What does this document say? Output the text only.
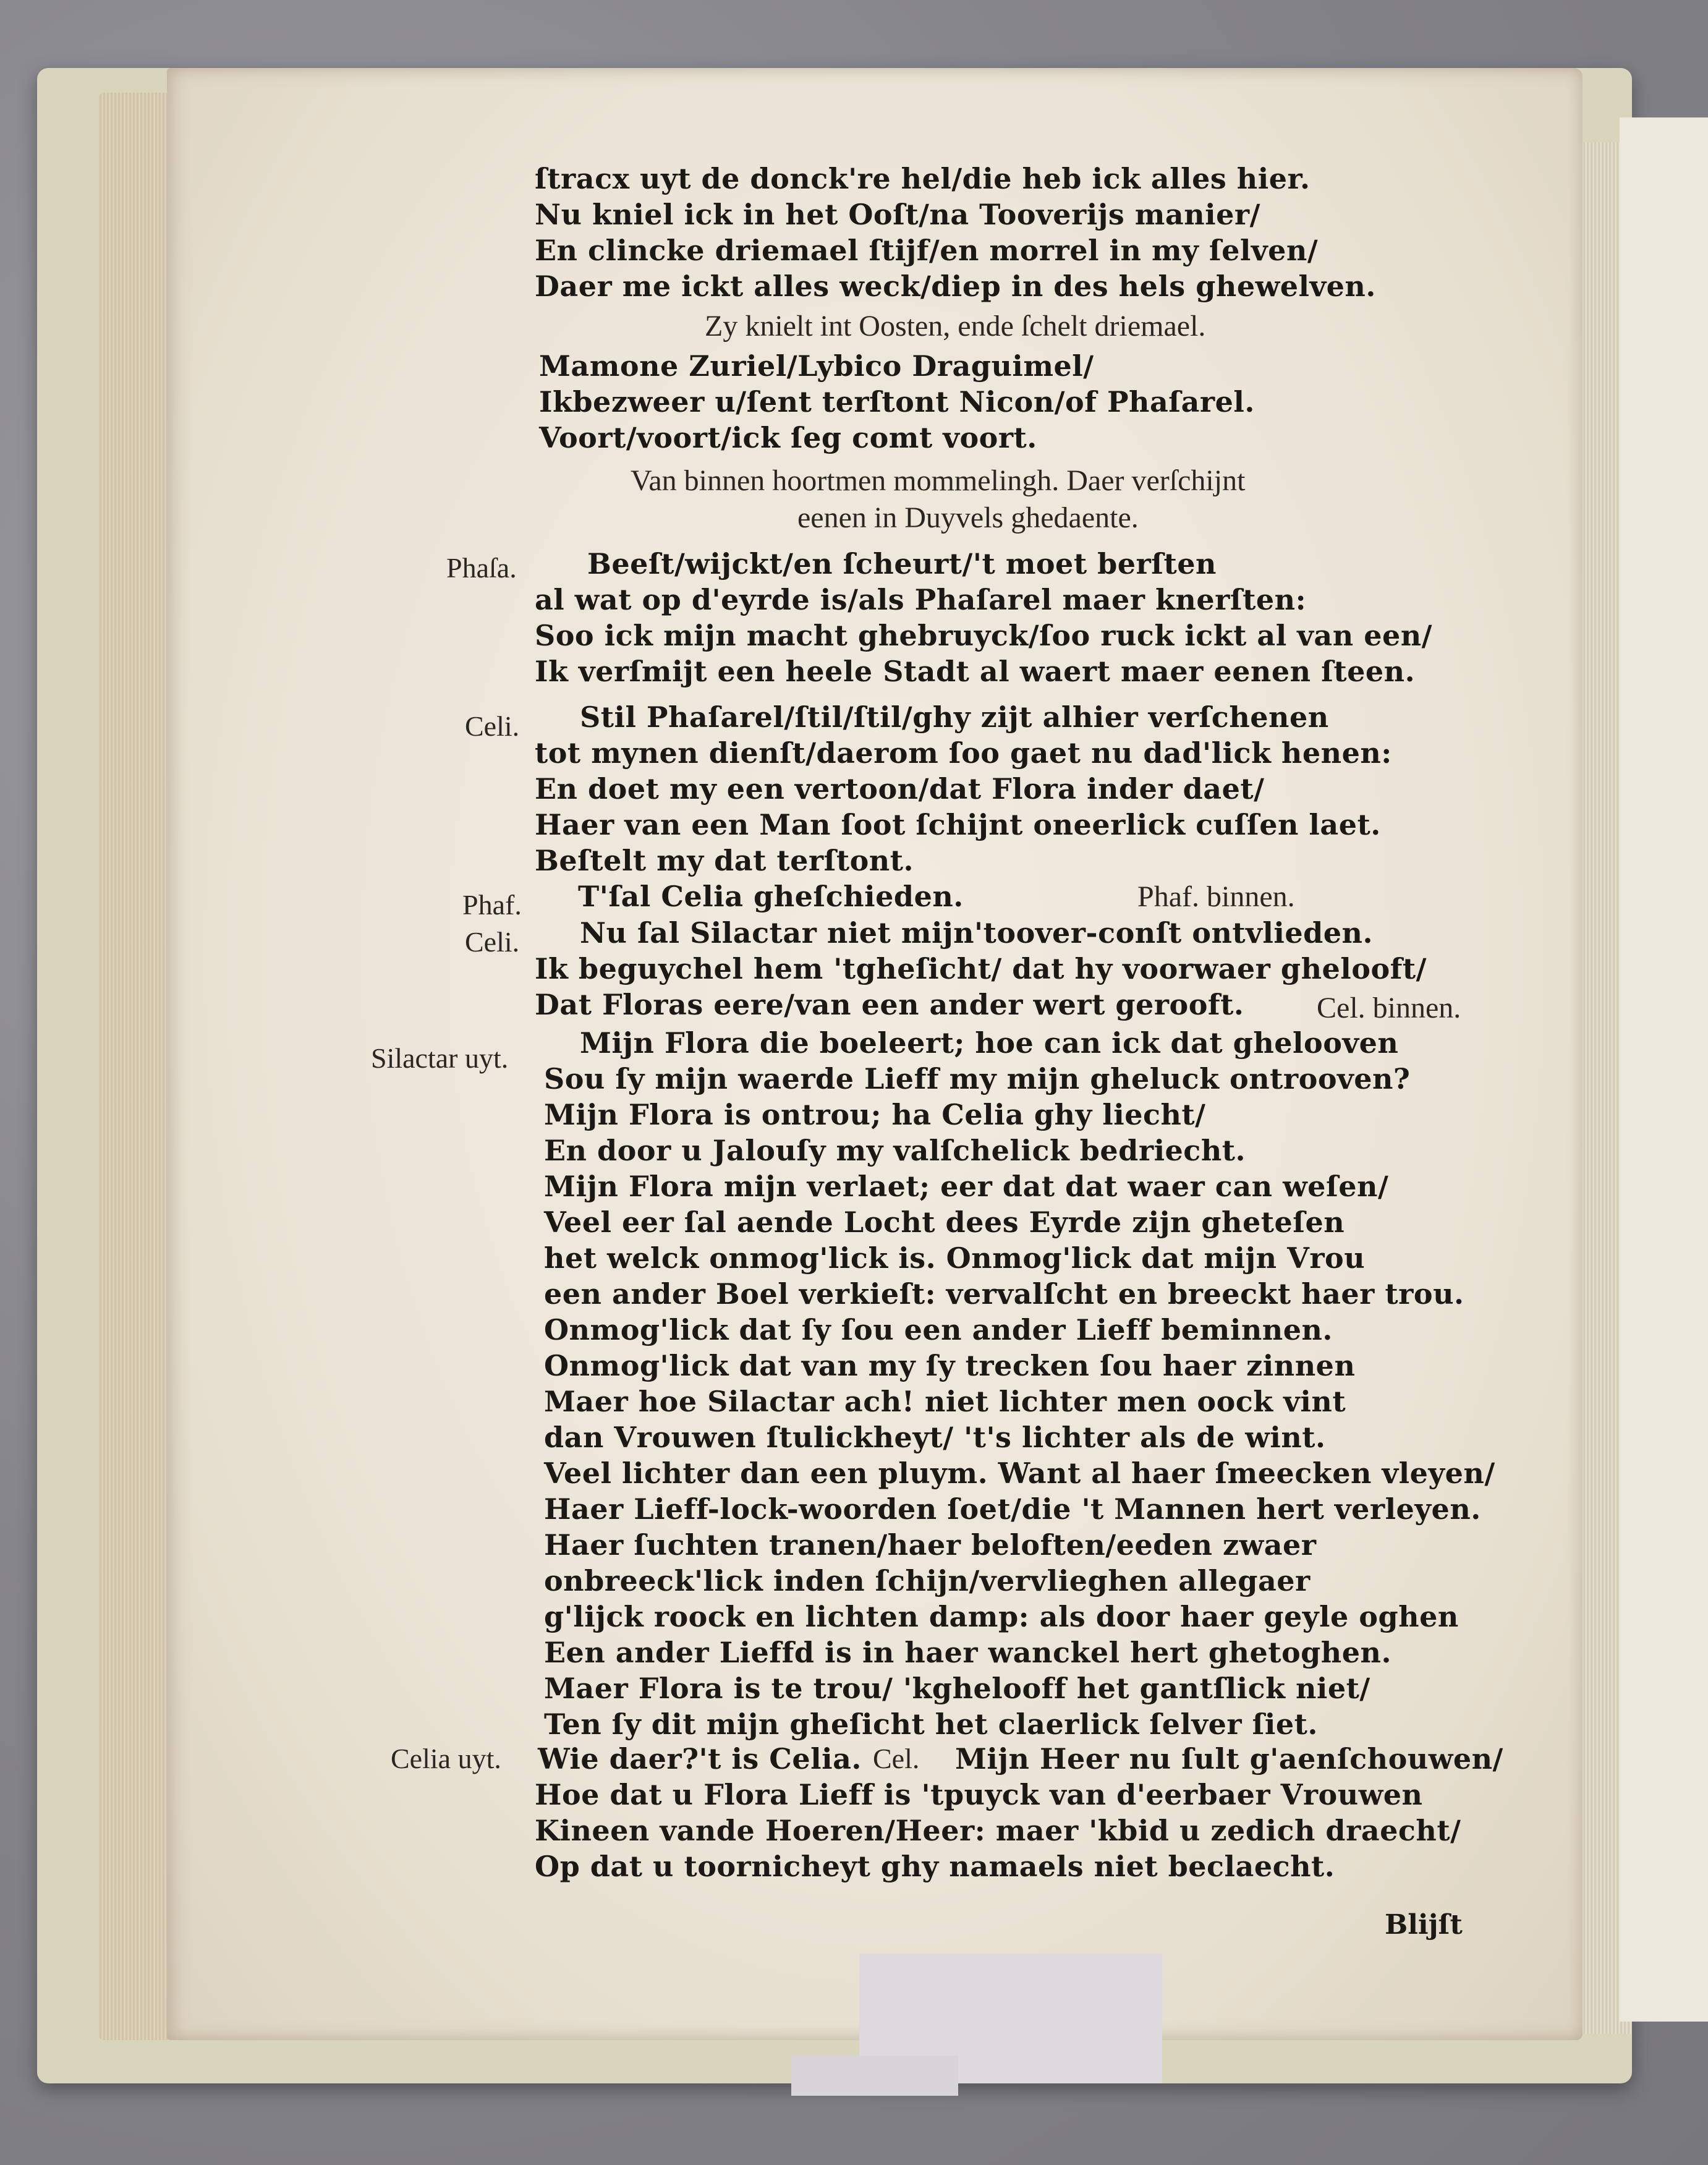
ſtracx uyt de donck're hel/die heb ick alles hier.
Nu kniel ick in het Ooſt/na Tooverijs manier/
En clincke driemael ſtijf/en morrel in my ſelven/
Daer me ickt alles weck/diep in des hels ghewelven.
Zy knielt int Oosten, ende ſchelt driemael.
Mamone Zuriel/Lybico Draguimel/
Ikbezweer u/ſent terſtont Nicon/of Phaſarel.
Voort/voort/ick ſeg comt voort.
Van binnen hoortmen mommelingh. Daer verſchijnt
eenen in Duyvels ghedaente.
Phaſa. Beeſt/wijckt/en ſcheurt/'t moet berſten
al wat op d'eyrde is/als Phaſarel maer knerſten:
Soo ick mijn macht ghebruyck/ſoo ruck ickt al van een/
Ik verſmijt een heele Stadt al waert maer eenen ſteen.
Celi. Stil Phaſarel/ſtil/ſtil/ghy zijt alhier verſchenen
tot mynen dienſt/daerom ſoo gaet nu dad'lick henen:
En doet my een vertoon/dat Flora inder daet/
Haer van een Man ſoot ſchijnt oneerlick cuſſen laet.
Beſtelt my dat terſtont.
Phaf. T'ſal Celia gheſchieden.	Phaf. binnen.
Celi. Nu ſal Silactar niet mijn'toover-conſt ontvlieden.
Ik beguychel hem 'tgheſicht/ dat hy voorwaer ghelooft/
Dat Floras eere/van een ander wert gerooft. Cel. binnen.
Silactar uyt.	Mijn Flora die boeleert; hoe can ick dat ghelooven
Sou ſy mijn waerde Lieff my mijn gheluck ontrooven?
Mijn Flora is ontrou; ha Celia ghy liecht/
En door u Jalouſy my valſchelick bedriecht.
Mijn Flora mijn verlaet; eer dat dat waer can weſen/
Veel eer ſal aende Locht dees Eyrde zijn gheteſen
het welck onmog'lick is. Onmog'lick dat mijn Vrou
een ander Boel verkieſt: vervalſcht en breeckt haer trou.
Onmog'lick dat ſy ſou een ander Lieff beminnen.
Onmog'lick dat van my ſy trecken ſou haer zinnen
Maer hoe Silactar ach! niet lichter men oock vint
dan Vrouwen ſtulickheyt/ 't's lichter als de wint.
Veel lichter dan een pluym. Want al haer ſmeecken vleyen/
Haer Lieff-lock-woorden ſoet/die 't Mannen hert verleyen.
Haer ſuchten tranen/haer beloften/eeden zwaer
onbreeck'lick inden ſchijn/vervlieghen allegaer
g'lijck roock en lichten damp: als door haer geyle oghen
Een ander Lieffd is in haer wanckel hert ghetoghen.
Maer Flora is te trou/ 'kghelooff het gantſlick niet/
Ten ſy dit mijn gheſicht het claerlick ſelver ſiet.
Celia uyt. Wie daer?'t is Celia. Cel. Mijn Heer nu ſult g'aenſchouwen/
Hoe dat u Flora Lieff is 'tpuyck van d'eerbaer Vrouwen
Kineen vande Hoeren/Heer: maer 'kbid u zedich draecht/
Op dat u toornicheyt ghy namaels niet beclaecht.
Blijſt
